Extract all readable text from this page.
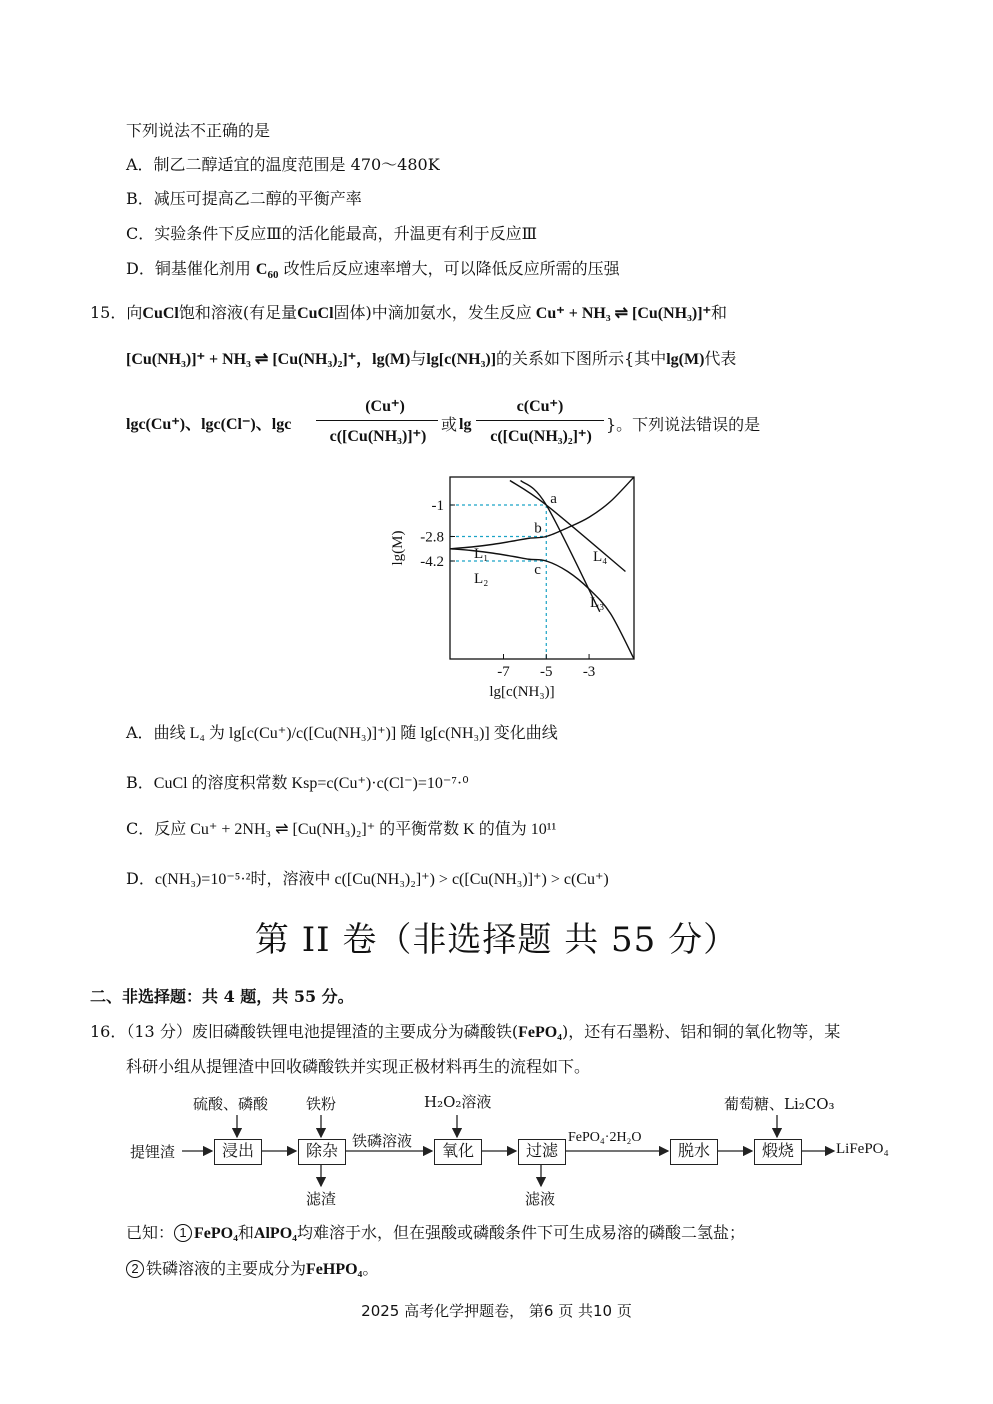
下列说法不正确的是
A．制乙二醇适宜的温度范围是 470～480K
B．减压可提高乙二醇的平衡产率
C．实验条件下反应Ⅲ的活化能最高，升温更有利于反应Ⅲ
D．铜基催化剂用 $C_{60}$ 改性后反应速率增大，可以降低反应所需的压强
15．向CuCl饱和溶液(有足量CuCl固体)中滴加氨水，发生反应 Cu⁺ + NH₃ ⇌ [Cu(NH₃)]⁺和
[Cu(NH₃)]⁺ + NH₃ ⇌ [Cu(NH₃)₂]⁺，lg(M)与lg[c(NH₃)]的关系如下图所示{其中lg(M)代表
lgc(Cu⁺)、lgc(Cl⁻)、lgc
(Cu⁺)
c([Cu(NH₃)]⁺)
或 lg
c(Cu⁺)
c([Cu(NH₃)₂]⁺)
}。下列说法错误的是
L₁
L₂
L₃
L₄
a
b
c
-1
-2.8
-4.2
-7 -5 -3
lg[c(NH₃)]
lg(M)
A．曲线 L₄ 为 lg[c(Cu⁺)/c([Cu(NH₃)]⁺)] 随 lg[c(NH₃)] 变化曲线
B．CuCl 的溶度积常数 Ksp=c(Cu⁺)·c(Cl⁻)=10⁻⁷·⁰
C．反应 Cu⁺ + 2NH₃ ⇌ [Cu(NH₃)₂]⁺ 的平衡常数 K 的值为 10¹¹
D．c(NH₃)=10⁻⁵·²时，溶液中 c([Cu(NH₃)₂]⁺) > c([Cu(NH₃)]⁺) > c(Cu⁺)
第 II 卷（非选择题 共 55 分）
二、非选择题：共 4 题，共 55 分。
16．（13 分）废旧磷酸铁锂电池提锂渣的主要成分为磷酸铁(FePO₄)，还有石墨粉、铝和铜的氧化物等，某
科研小组从提锂渣中回收磷酸铁并实现正极材料再生的流程如下。
提锂渣	浸出
硫酸、磷酸
除杂
铁粉
滤渣
铁磷溶液	氧化
H₂O₂溶液
过滤
滤液
FePO₄·2H₂O
脱水	煅烧
葡萄糖、Li₂CO₃
LiFePO₄
已知： 1 FePO₄和AlPO₄均难溶于水，但在强酸或磷酸条件下可生成易溶的磷酸二氢盐；
2 铁磷溶液的主要成分为FeHPO₄。
2025 高考化学押题卷， 第6 页 共10 页
